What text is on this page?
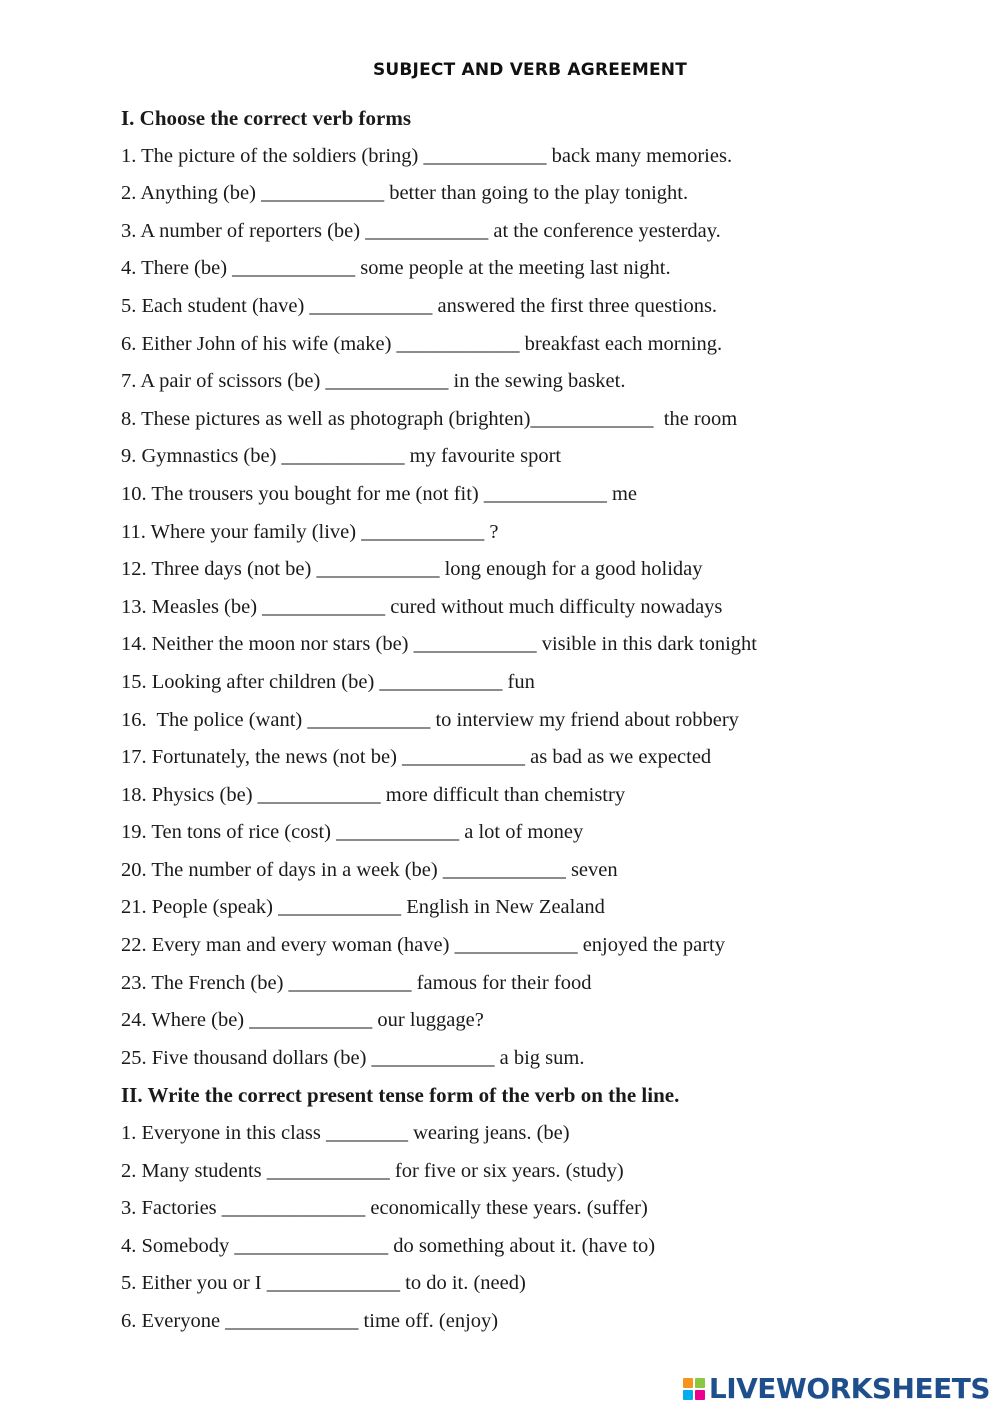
SUBJECT AND VERB AGREEMENT
I. Choose the correct verb forms
1. The picture of the soldiers (bring) ____________ back many memories.
2. Anything (be) ____________ better than going to the play tonight.
3. A number of reporters (be) ____________ at the conference yesterday.
4. There (be) ____________ some people at the meeting last night.
5. Each student (have) ____________ answered the first three questions.
6. Either John of his wife (make) ____________ breakfast each morning.
7. A pair of scissors (be) ____________ in the sewing basket.
8. These pictures as well as photograph (brighten)____________  the room
9. Gymnastics (be) ____________ my favourite sport
10. The trousers you bought for me (not fit) ____________ me
11. Where your family (live) ____________ ?
12. Three days (not be) ____________ long enough for a good holiday
13. Measles (be) ____________ cured without much difficulty nowadays
14. Neither the moon nor stars (be) ____________ visible in this dark tonight
15. Looking after children (be) ____________ fun
16.  The police (want) ____________ to interview my friend about robbery
17. Fortunately, the news (not be) ____________ as bad as we expected
18. Physics (be) ____________ more difficult than chemistry
19. Ten tons of rice (cost) ____________ a lot of money
20. The number of days in a week (be) ____________ seven
21. People (speak) ____________ English in New Zealand
22. Every man and every woman (have) ____________ enjoyed the party
23. The French (be) ____________ famous for their food
24. Where (be) ____________ our luggage?
25. Five thousand dollars (be) ____________ a big sum.
II. Write the correct present tense form of the verb on the line.
1. Everyone in this class ________ wearing jeans. (be)
2. Many students ____________ for five or six years. (study)
3. Factories ______________ economically these years. (suffer)
4. Somebody _______________ do something about it. (have to)
5. Either you or I _____________ to do it. (need)
6. Everyone _____________ time off. (enjoy)
LIVEWORKSHEETS
